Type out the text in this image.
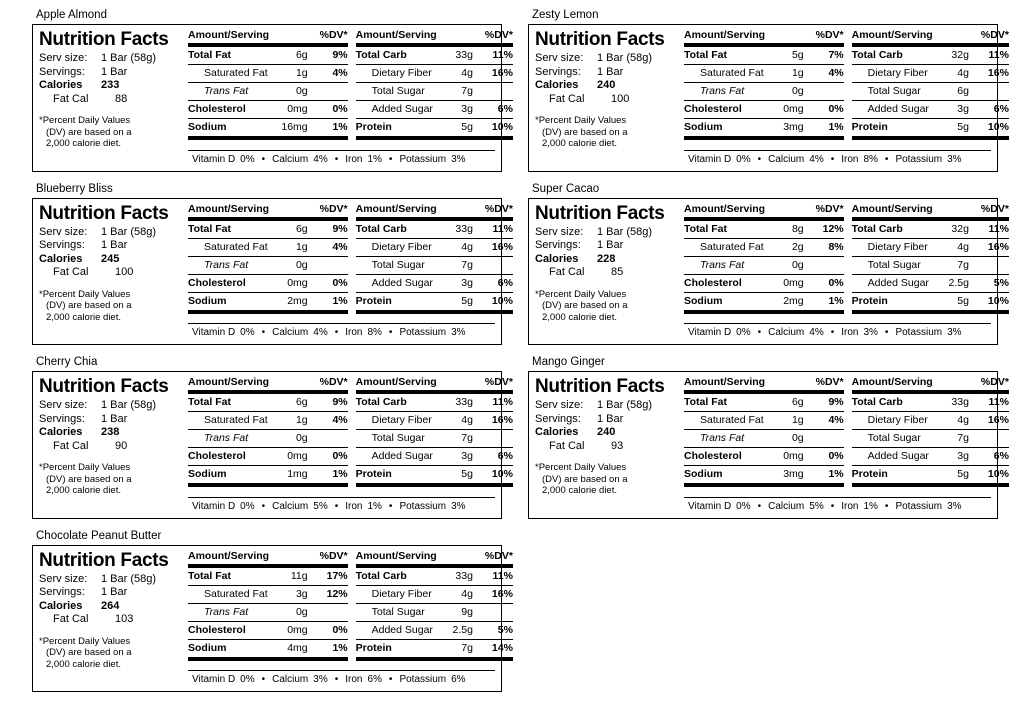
Apple Almond
Nutrition Facts
Serv size:	1 Bar (58g)
Servings:	1 Bar
Calories	233
Fat Cal	88
*Percent Daily Values
(DV) are based on a
2,000 calorie diet.
Amount/Serving	%DV*
Total Fat	6g	9%
Saturated Fat	1g	4%
Trans Fat	0g
Cholesterol	0mg	0%
Sodium	16mg	1%
Amount/Serving	%DV*
Total Carb	33g	11%
Dietary Fiber	4g	16%
Total Sugar	7g
Added Sugar	3g	6%
Protein	5g	10%
Vitamin D 0% • Calcium 4% • Iron 1% • Potassium 3%
Blueberry Bliss
Nutrition Facts
Serv size:	1 Bar (58g)
Servings:	1 Bar
Calories	245
Fat Cal	100
*Percent Daily Values
(DV) are based on a
2,000 calorie diet.
Amount/Serving	%DV*
Total Fat	6g	9%
Saturated Fat	1g	4%
Trans Fat	0g
Cholesterol	0mg	0%
Sodium	2mg	1%
Amount/Serving	%DV*
Total Carb	33g	11%
Dietary Fiber	4g	16%
Total Sugar	7g
Added Sugar	3g	6%
Protein	5g	10%
Vitamin D 0% • Calcium 4% • Iron 8% • Potassium 3%
Cherry Chia
Nutrition Facts
Serv size:	1 Bar (58g)
Servings:	1 Bar
Calories	238
Fat Cal	90
*Percent Daily Values
(DV) are based on a
2,000 calorie diet.
Amount/Serving	%DV*
Total Fat	6g	9%
Saturated Fat	1g	4%
Trans Fat	0g
Cholesterol	0mg	0%
Sodium	1mg	1%
Amount/Serving	%DV*
Total Carb	33g	11%
Dietary Fiber	4g	16%
Total Sugar	7g
Added Sugar	3g	6%
Protein	5g	10%
Vitamin D 0% • Calcium 5% • Iron 1% • Potassium 3%
Chocolate Peanut Butter
Nutrition Facts
Serv size:	1 Bar (58g)
Servings:	1 Bar
Calories	264
Fat Cal	103
*Percent Daily Values
(DV) are based on a
2,000 calorie diet.
Amount/Serving	%DV*
Total Fat	11g	17%
Saturated Fat	3g	12%
Trans Fat	0g
Cholesterol	0mg	0%
Sodium	4mg	1%
Amount/Serving	%DV*
Total Carb	33g	11%
Dietary Fiber	4g	16%
Total Sugar	9g
Added Sugar	2.5g	5%
Protein	7g	14%
Vitamin D 0% • Calcium 3% • Iron 6% • Potassium 6%
Zesty Lemon
Nutrition Facts
Serv size:	1 Bar (58g)
Servings:	1 Bar
Calories	240
Fat Cal	100
*Percent Daily Values
(DV) are based on a
2,000 calorie diet.
Amount/Serving	%DV*
Total Fat	5g	7%
Saturated Fat	1g	4%
Trans Fat	0g
Cholesterol	0mg	0%
Sodium	3mg	1%
Amount/Serving	%DV*
Total Carb	32g	11%
Dietary Fiber	4g	16%
Total Sugar	6g
Added Sugar	3g	6%
Protein	5g	10%
Vitamin D 0% • Calcium 4% • Iron 8% • Potassium 3%
Super Cacao
Nutrition Facts
Serv size:	1 Bar (58g)
Servings:	1 Bar
Calories	228
Fat Cal	85
*Percent Daily Values
(DV) are based on a
2,000 calorie diet.
Amount/Serving	%DV*
Total Fat	8g	12%
Saturated Fat	2g	8%
Trans Fat	0g
Cholesterol	0mg	0%
Sodium	2mg	1%
Amount/Serving	%DV*
Total Carb	32g	11%
Dietary Fiber	4g	16%
Total Sugar	7g
Added Sugar	2.5g	5%
Protein	5g	10%
Vitamin D 0% • Calcium 4% • Iron 3% • Potassium 3%
Mango Ginger
Nutrition Facts
Serv size:	1 Bar (58g)
Servings:	1 Bar
Calories	240
Fat Cal	93
*Percent Daily Values
(DV) are based on a
2,000 calorie diet.
Amount/Serving	%DV*
Total Fat	6g	9%
Saturated Fat	1g	4%
Trans Fat	0g
Cholesterol	0mg	0%
Sodium	3mg	1%
Amount/Serving	%DV*
Total Carb	33g	11%
Dietary Fiber	4g	16%
Total Sugar	7g
Added Sugar	3g	6%
Protein	5g	10%
Vitamin D 0% • Calcium 5% • Iron 1% • Potassium 3%
